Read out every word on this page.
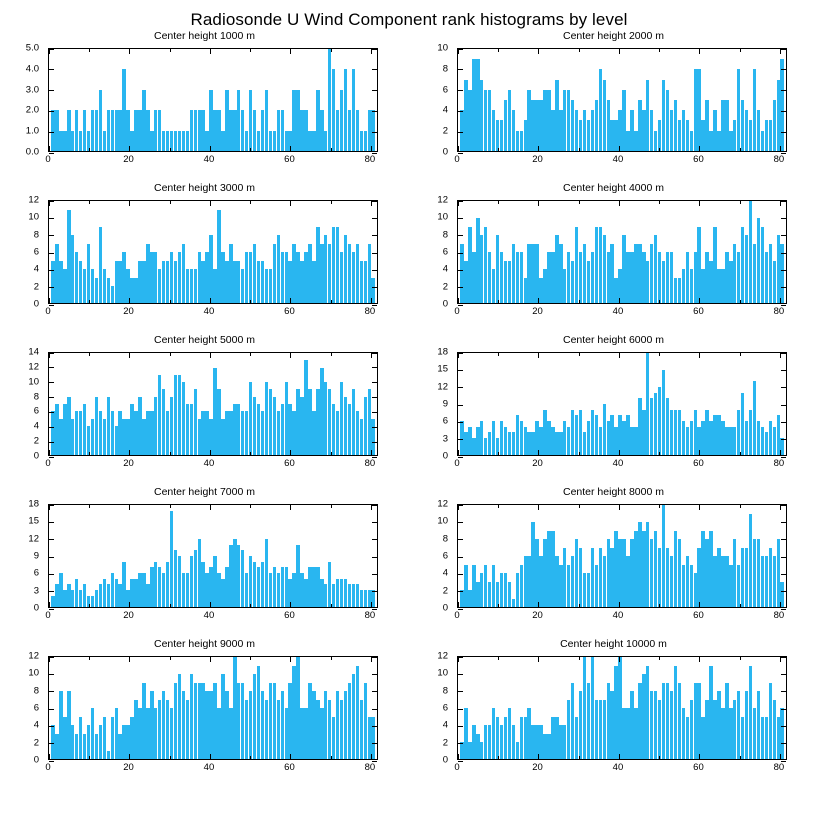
Radiosonde U Wind Component rank histograms by level
Center height 1000 m
0.0
1.0
2.0
3.0
4.0
5.0
0	20	40	60	80
Center height 2000 m
0
2
4
6
8
10
0	20	40	60	80
Center height 3000 m
0
2
4
6
8
10
12
0	20	40	60	80
Center height 4000 m
0
2
4
6
8
10
12
0	20	40	60	80
Center height 5000 m
0
2
4
6
8
10
12
14
0	20	40	60	80
Center height 6000 m
0
3
6
9
12
15
18
0	20	40	60	80
Center height 7000 m
0
3
6
9
12
15
18
0	20	40	60	80
Center height 8000 m
0
2
4
6
8
10
12
0	20	40	60	80
Center height 9000 m
0
2
4
6
8
10
12
0	20	40	60	80
Center height 10000 m
0
2
4
6
8
10
12
0	20	40	60	80
